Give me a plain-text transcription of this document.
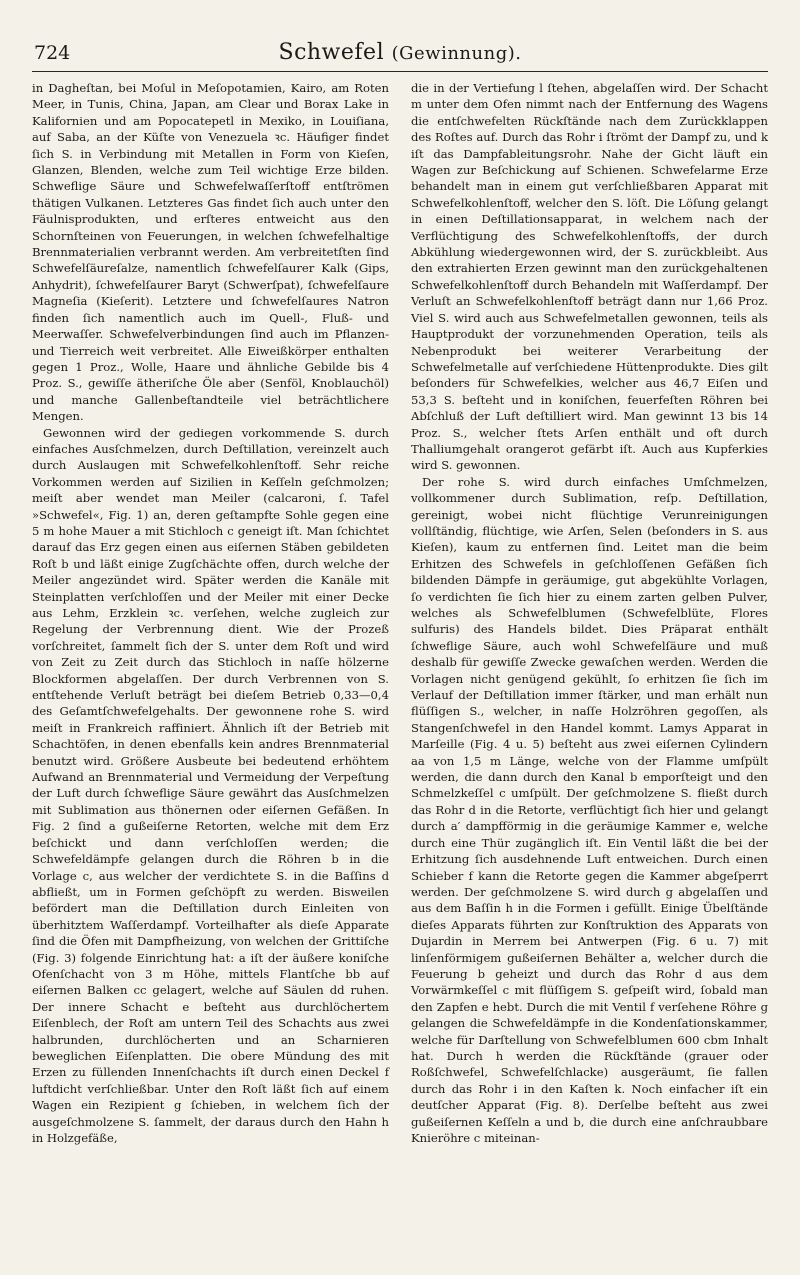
724	Schwefel (Gewinnung).

in Dagheſtan, bei Moſul in Meſopotamien, Kairo, am Roten Meer, in Tunis, China, Japan, am Clear und Borax Lake in Kalifornien und am Popocatepetl in Mexiko, in Louiſiana, auf Saba, an der Küſte von Venezuela ꝛc. Häufiger findet ſich S. in Verbindung mit Metallen in Form von Kieſen, Glanzen, Blenden, welche zum Teil wichtige Erze bilden. Schweflige Säure und Schwefelwaſſerſtoff entſtrömen thätigen Vulkanen. Letzteres Gas findet ſich auch unter den Fäulnisprodukten, und erſteres entweicht aus den Schornſteinen von Feuerungen, in welchen ſchwefelhaltige Brennmaterialien verbrannt werden. Am verbreitetſten ſind Schwefelſäureſalze, namentlich ſchwefelſaurer Kalk (Gips, Anhydrit), ſchwefelſaurer Baryt (Schwerſpat), ſchwefelſaure Magneſia (Kieſerit). Letztere und ſchwefelſaures Natron finden ſich namentlich auch im Quell-, Fluß- und Meerwaſſer. Schwefelverbindungen ſind auch im Pflanzen- und Tierreich weit verbreitet. Alle Eiweißkörper enthalten gegen 1 Proz., Wolle, Haare und ähnliche Gebilde bis 4 Proz. S., gewiſſe ätheriſche Öle aber (Senföl, Knoblauchöl) und manche Gallenbeſtandteile viel beträchtlichere Mengen.

Gewonnen wird der gediegen vorkommende S. durch einfaches Ausſchmelzen, durch Deſtillation, vereinzelt auch durch Auslaugen mit Schwefelkohlenſtoff. Sehr reiche Vorkommen werden auf Sizilien in Keſſeln geſchmolzen; meiſt aber wendet man Meiler (calcaroni, ſ. Tafel »Schwefel«, Fig. 1) an, deren geſtampfte Sohle gegen eine 5 m hohe Mauer a mit Stichloch c geneigt iſt. Man ſchichtet darauf das Erz gegen einen aus eiſernen Stäben gebildeten Roſt b und läßt einige Zugſchächte offen, durch welche der Meiler angezündet wird. Später werden die Kanäle mit Steinplatten verſchloſſen und der Meiler mit einer Decke aus Lehm, Erzklein ꝛc. verſehen, welche zugleich zur Regelung der Verbrennung dient. Wie der Prozeß vorſchreitet, ſammelt ſich der S. unter dem Roſt und wird von Zeit zu Zeit durch das Stichloch in naſſe hölzerne Blockformen abgelaſſen. Der durch Verbrennen von S. entſtehende Verluſt beträgt bei dieſem Betrieb 0,33—0,4 des Geſamtſchwefelgehalts. Der gewonnene rohe S. wird meiſt in Frankreich raffiniert. Ähnlich iſt der Betrieb mit Schachtöfen, in denen ebenfalls kein andres Brennmaterial benutzt wird. Größere Ausbeute bei bedeutend erhöhtem Aufwand an Brennmaterial und Vermeidung der Verpeſtung der Luft durch ſchweflige Säure gewährt das Ausſchmelzen mit Sublimation aus thönernen oder eiſernen Gefäßen. In Fig. 2 ſind a gußeiſerne Retorten, welche mit dem Erz beſchickt und dann verſchloſſen werden; die Schwefeldämpfe gelangen durch die Röhren b in die Vorlage c, aus welcher der verdichtete S. in die Baſſins d abfließt, um in Formen geſchöpft zu werden. Bisweilen befördert man die Deſtillation durch Einleiten von überhitztem Waſſerdampf. Vorteilhafter als dieſe Apparate ſind die Öfen mit Dampfheizung, von welchen der Grittiſche (Fig. 3) folgende Einrichtung hat: a iſt der äußere koniſche Ofenſchacht von 3 m Höhe, mittels Flantſche bb auf eiſernen Balken cc gelagert, welche auf Säulen dd ruhen. Der innere Schacht e beſteht aus durchlöchertem Eiſenblech, der Roſt am untern Teil des Schachts aus zwei halbrunden, durchlöcherten und an Scharnieren beweglichen Eiſenplatten. Die obere Mündung des mit Erzen zu füllenden Innenſchachts iſt durch einen Deckel f luftdicht verſchließbar. Unter den Roſt läßt ſich auf einem Wagen ein Rezipient g ſchieben, in welchem ſich der ausgeſchmolzene S. ſammelt, der daraus durch den Hahn h in Holzgefäße,

die in der Vertiefung l ſtehen, abgelaſſen wird. Der Schacht m unter dem Ofen nimmt nach der Entfernung des Wagens die entſchwefelten Rückſtände nach dem Zurückklappen des Roſtes auf. Durch das Rohr i ſtrömt der Dampf zu, und k iſt das Dampfableitungsrohr. Nahe der Gicht läuft ein Wagen zur Beſchickung auf Schienen. Schwefelarme Erze behandelt man in einem gut verſchließbaren Apparat mit Schwefelkohlenſtoff, welcher den S. löſt. Die Löſung gelangt in einen Deſtillationsapparat, in welchem nach der Verflüchtigung des Schwefelkohlenſtoffs, der durch Abkühlung wiedergewonnen wird, der S. zurückbleibt. Aus den extrahierten Erzen gewinnt man den zurückgehaltenen Schwefelkohlenſtoff durch Behandeln mit Waſſerdampf. Der Verluſt an Schwefelkohlenſtoff beträgt dann nur 1,66 Proz. Viel S. wird auch aus Schwefelmetallen gewonnen, teils als Hauptprodukt der vorzunehmenden Operation, teils als Nebenprodukt bei weiterer Verarbeitung der Schwefelmetalle auf verſchiedene Hüttenprodukte. Dies gilt beſonders für Schwefelkies, welcher aus 46,7 Eiſen und 53,3 S. beſteht und in koniſchen, feuerfeſten Röhren bei Abſchluß der Luft deſtilliert wird. Man gewinnt 13 bis 14 Proz. S., welcher ſtets Arſen enthält und oft durch Thalliumgehalt orangerot gefärbt iſt. Auch aus Kupferkies wird S. gewonnen.

Der rohe S. wird durch einfaches Umſchmelzen, vollkommener durch Sublimation, reſp. Deſtillation, gereinigt, wobei nicht flüchtige Verunreinigungen vollſtändig, flüchtige, wie Arſen, Selen (beſonders in S. aus Kieſen), kaum zu entfernen ſind. Leitet man die beim Erhitzen des Schwefels in geſchloſſenen Gefäßen ſich bildenden Dämpfe in geräumige, gut abgekühlte Vorlagen, ſo verdichten ſie ſich hier zu einem zarten gelben Pulver, welches als Schwefelblumen (Schwefelblüte, Flores sulfuris) des Handels bildet. Dies Präparat enthält ſchweflige Säure, auch wohl Schwefelſäure und muß deshalb für gewiſſe Zwecke gewaſchen werden. Werden die Vorlagen nicht genügend gekühlt, ſo erhitzen ſie ſich im Verlauf der Deſtillation immer ſtärker, und man erhält nun flüſſigen S., welcher, in naſſe Holzröhren gegoſſen, als Stangenſchwefel in den Handel kommt. Lamys Apparat in Marſeille (Fig. 4 u. 5) beſteht aus zwei eiſernen Cylindern aa von 1,5 m Länge, welche von der Flamme umſpült werden, die dann durch den Kanal b emporſteigt und den Schmelzkeſſel c umſpült. Der geſchmolzene S. fließt durch das Rohr d in die Retorte, verflüchtigt ſich hier und gelangt durch a′ dampfförmig in die geräumige Kammer e, welche durch eine Thür zugänglich iſt. Ein Ventil läßt die bei der Erhitzung ſich ausdehnende Luft entweichen. Durch einen Schieber f kann die Retorte gegen die Kammer abgeſperrt werden. Der geſchmolzene S. wird durch g abgelaſſen und aus dem Baſſin h in die Formen i gefüllt. Einige Übelſtände dieſes Apparats führten zur Konſtruktion des Apparats von Dujardin in Merrem bei Antwerpen (Fig. 6 u. 7) mit linſenförmigem gußeiſernen Behälter a, welcher durch die Feuerung b geheizt und durch das Rohr d aus dem Vorwärmkeſſel c mit flüſſigem S. geſpeiſt wird, ſobald man den Zapfen e hebt. Durch die mit Ventil f verſehene Röhre g gelangen die Schwefeldämpfe in die Kondenſationskammer, welche für Darſtellung von Schwefelblumen 600 cbm Inhalt hat. Durch h werden die Rückſtände (grauer oder Roßſchwefel, Schwefelſchlacke) ausgeräumt, ſie fallen durch das Rohr i in den Kaſten k. Noch einfacher iſt ein deutſcher Apparat (Fig. 8). Derſelbe beſteht aus zwei gußeiſernen Keſſeln a und b, die durch eine anſchraubbare Knieröhre c miteinan-
